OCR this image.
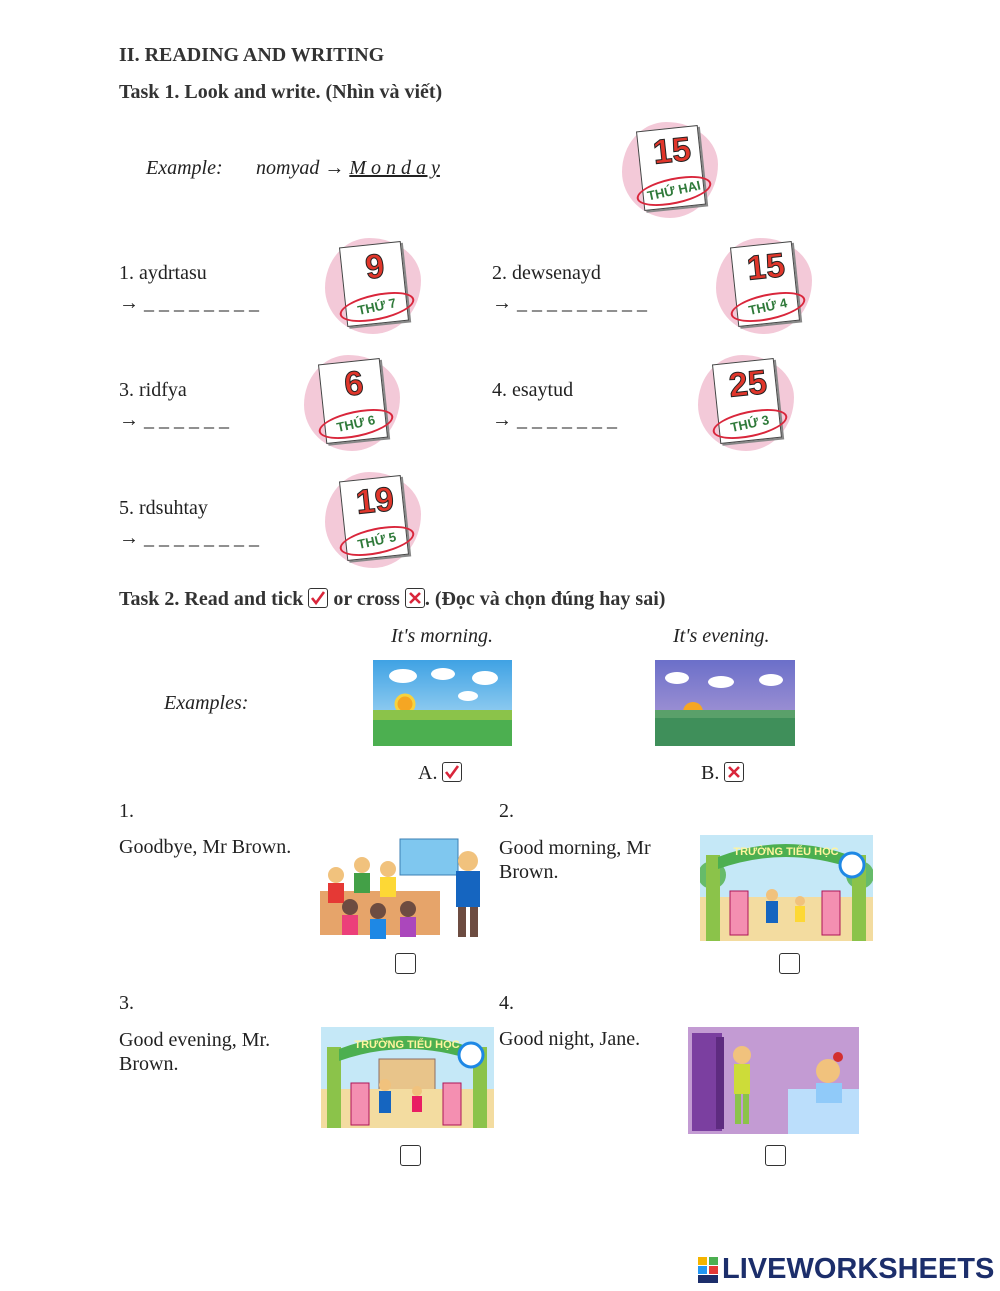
II. READING AND WRITING
Task 1. Look and write. (Nhìn và viết)
Example: nomyad → M o n d a y	15
THỨ HAI
1. aydrtasu
→ _ _ _ _ _ _ _ _
9
THỨ 7
2. dewsenayd
→ _ _ _ _ _ _ _ _ _
15
THỨ 4
3. ridfya
→ _ _ _ _ _ _
6
THỨ 6
4. esaytud
→ _ _ _ _ _ _ _
25
THỨ 3
5. rdsuhtay
→ _ _ _ _ _ _ _ _
19
THỨ 5
Task 2. Read and tick or cross . (Đọc và chọn đúng hay sai)
It's morning.	It's evening.
Examples:
A.	B.
1.
Goodbye, Mr Brown.
2.
Good morning, Mr Brown.
TRƯỜNG TIỂU HỌC
3.
Good evening, Mr. Brown.
TRƯỜNG TIỂU HỌC
4.
Good night, Jane.
LIVEWORKSHEETS
